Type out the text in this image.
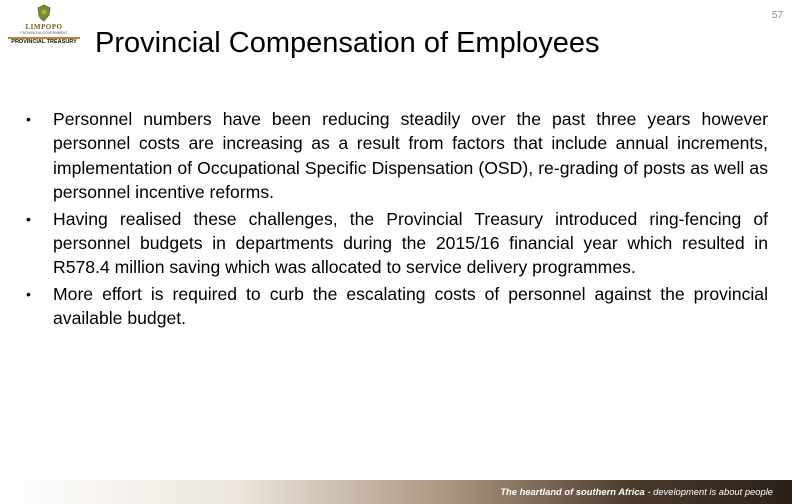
LIMPOPO
PROVINCIAL GOVERNMENT
PROVINCIAL TREASURY
57
Provincial Compensation of Employees
•	Personnel numbers have been reducing steadily over the past three years however personnel costs are increasing as a result from factors that include annual increments, implementation of Occupational Specific Dispensation (OSD), re-grading of posts as well as personnel incentive reforms.
•	Having realised these challenges, the Provincial Treasury introduced ring-fencing of personnel budgets in departments during the 2015/16 financial year which resulted in R578.4 million saving which was allocated to service delivery programmes.
•	More effort is required to curb the escalating costs of personnel against the provincial available budget.
The heartland of southern Africa - development is about people
